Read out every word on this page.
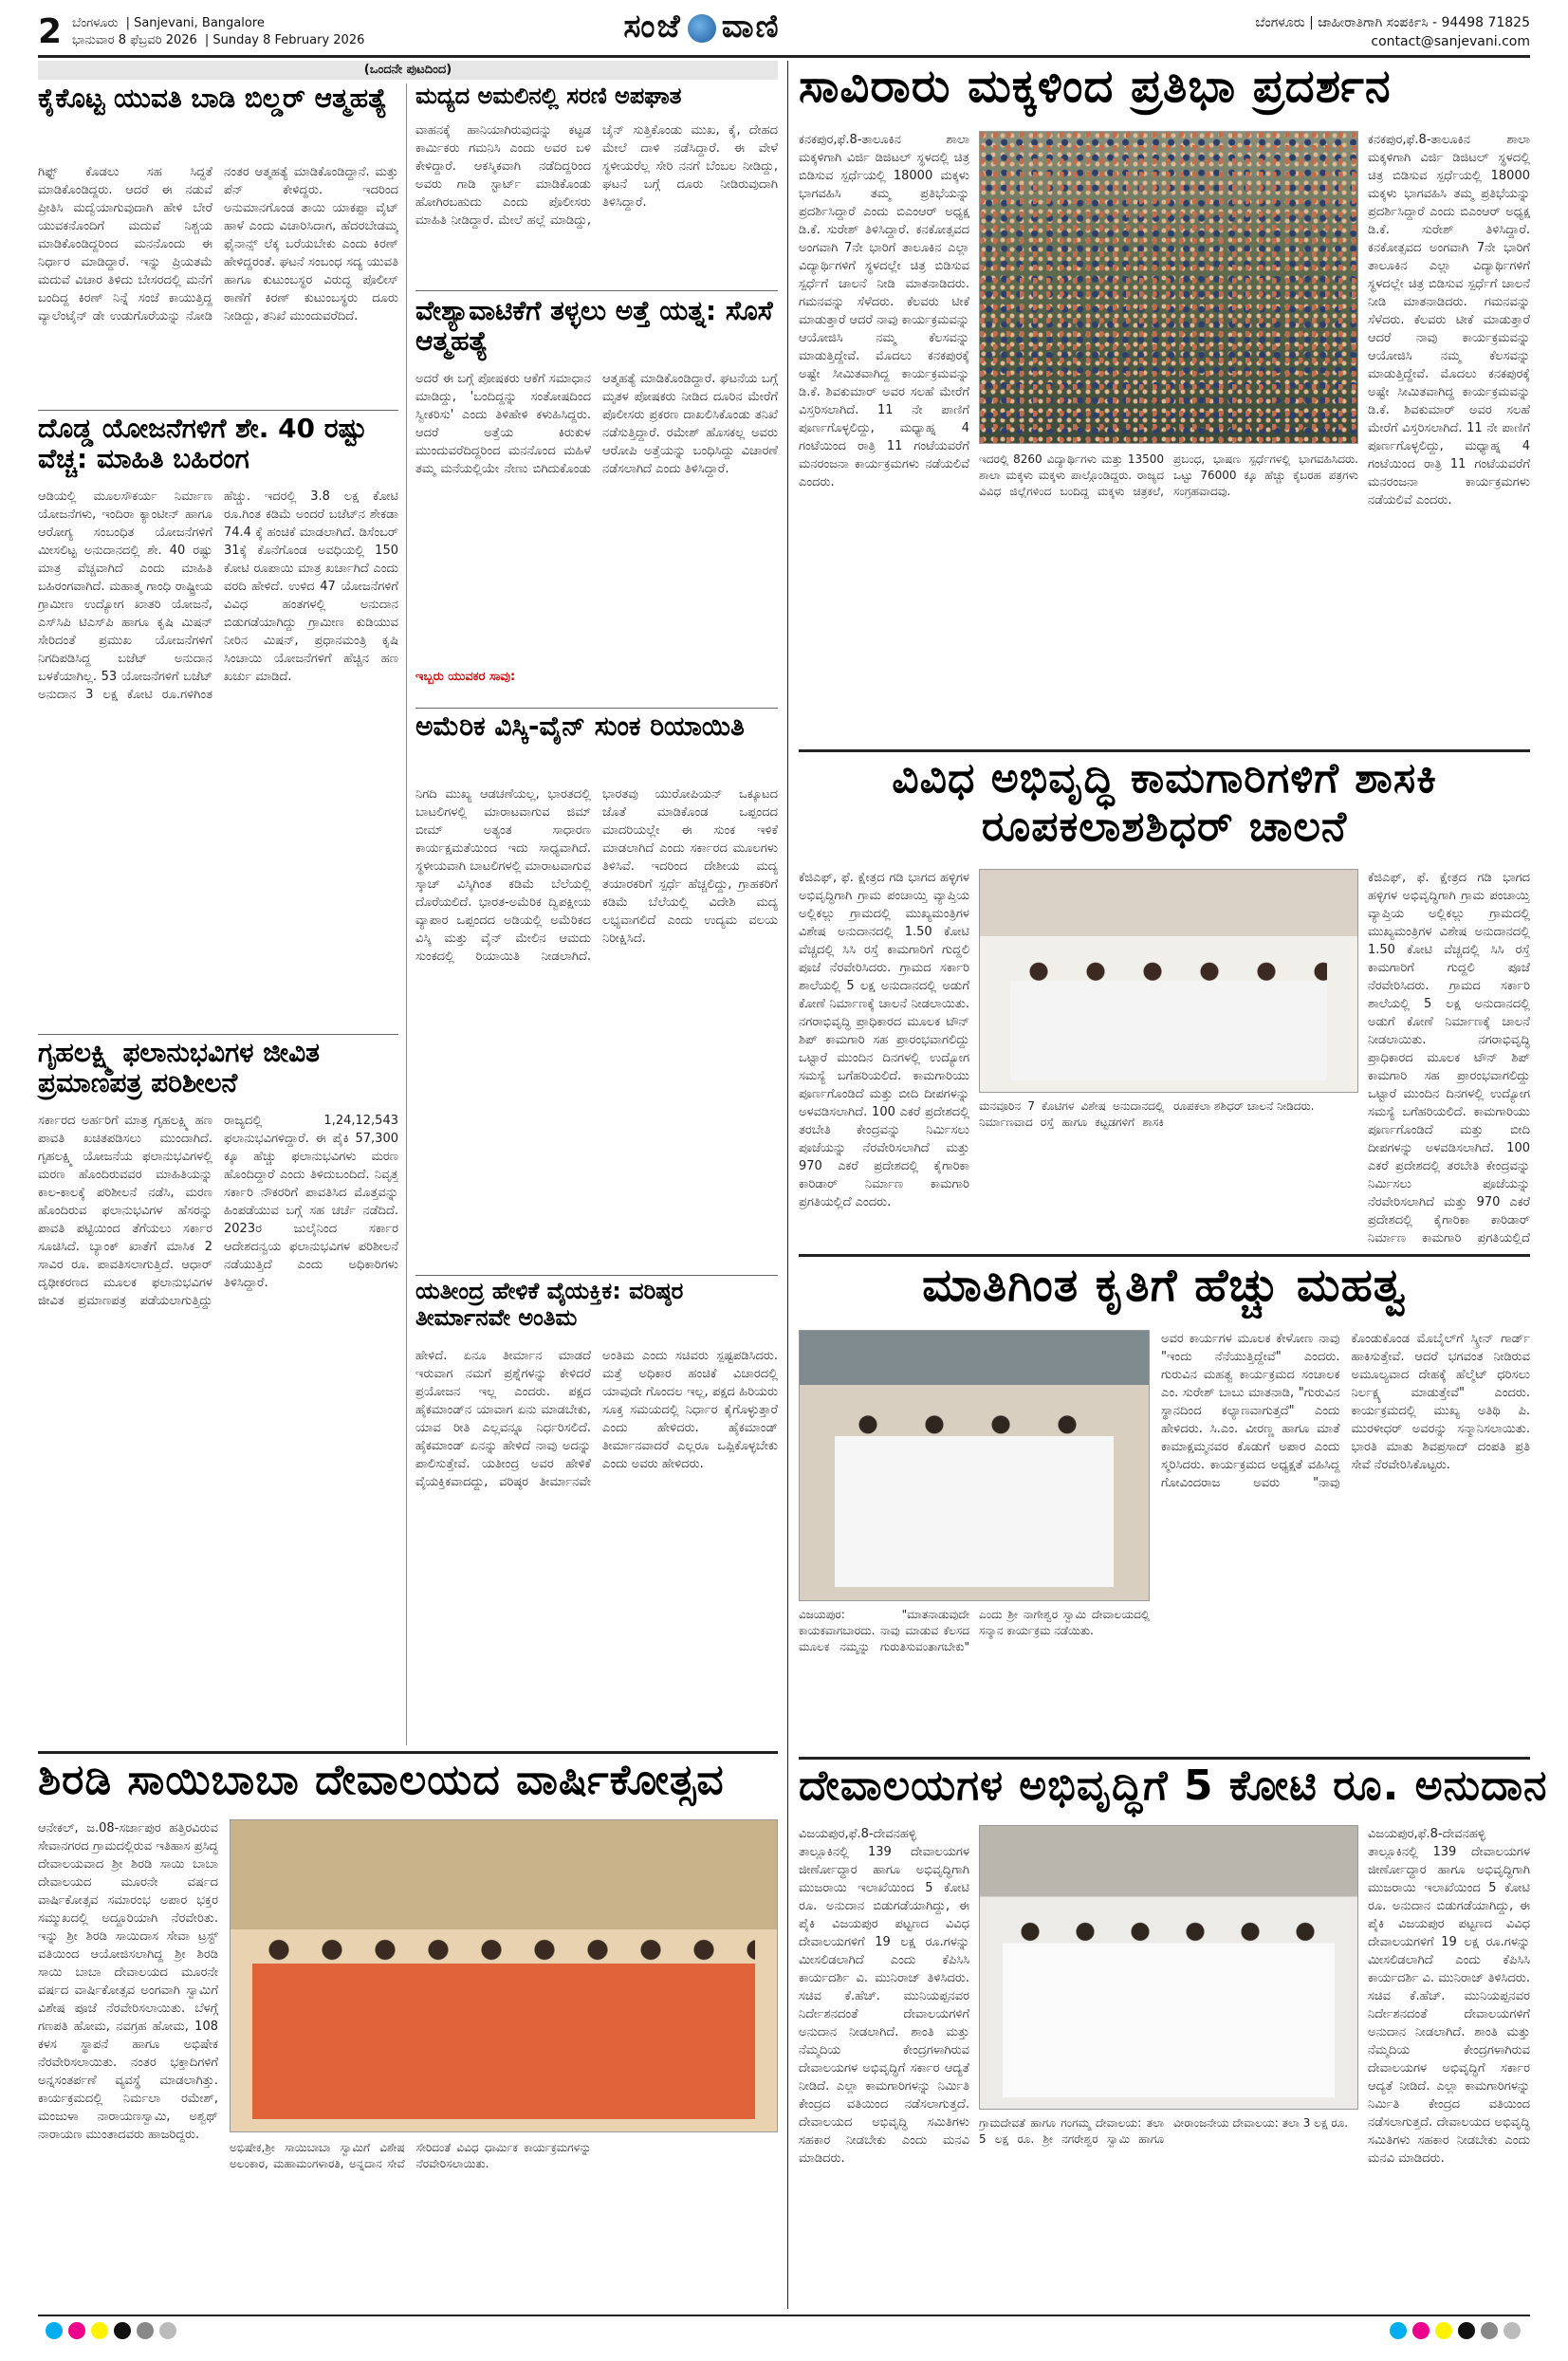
2 ಬೆಂಗಳೂರು | Sanjevani, Bangalore
ಭಾನುವಾರ 8 ಫೆಬ್ರವರಿ 2026 | Sunday 8 February 2026	ಸಂಜೆ ವಾಣಿ	ಬೆಂಗಳೂರು | ಜಾಹೀರಾತಿಗಾಗಿ ಸಂಪರ್ಕಿಸಿ - 94498 71825
contact@sanjevani.com
(ಒಂದನೇ ಪುಟದಿಂದ)
ಕೈಕೊಟ್ಟ ಯುವತಿ ಬಾಡಿ ಬಿಲ್ಡರ್ ಆತ್ಮಹತ್ಯೆ
ಗಿಫ್ಟ್ ಕೊಡಲು ಸಹ ಸಿದ್ಧತೆ ಮಾಡಿಕೊಂಡಿದ್ದರು. ಆದರೆ ಈ ನಡುವೆ ಪ್ರೀತಿಸಿ ಮದ್ವೆಯಾಗುವುದಾಗಿ ಹೇಳಿ ಬೇರೆ ಯುವಕನೊಂದಿಗೆ ಮದುವೆ ನಿಶ್ಚಯ ಮಾಡಿಕೊಂಡಿದ್ದರಿಂದ ಮನನೊಂದು ಈ ನಿರ್ಧಾರ ಮಾಡಿದ್ದಾರೆ. ಇನ್ನು ಪ್ರಿಯತಮೆ ಮದುವೆ ವಿಚಾರ ತಿಳಿದು ಬೇಸರದಲ್ಲಿ ಮನೆಗೆ ಬಂದಿದ್ದ ಕಿರಣ್ ನಿನ್ನೆ ಸಂಜೆ ಕಾಯುತ್ತಿದ್ದ ವ್ಯಾಲೆಂಟೈನ್ ಡೇ ಉಡುಗೊರೆಯನ್ನು ನೋಡಿ ನಂತರ ಆತ್ಮಹತ್ಯೆ ಮಾಡಿಕೊಂಡಿದ್ದಾನೆ. ಮತ್ತು ಪೆನ್ ಕೇಳಿದ್ದರು. ಇದರಿಂದ ಅನುಮಾನಗೊಂಡ ತಾಯಿ ಯಾಕಪ್ಪಾ ವೈಟ್ ಹಾಳೆ ಎಂದು ವಿಚಾರಿಸಿದಾಗ, ಹೆದರಬೇಡಮ್ಮ ಫೈನಾನ್ಸ್ ಲೆಕ್ಕ ಬರೆಯಬೇಕು ಎಂದು ಕಿರಣ್ ಹೇಳಿದ್ದರಂತೆ. ಘಟನೆ ಸಂಬಂಧ ಸದ್ಯ ಯುವತಿ ಹಾಗೂ ಕುಟುಂಬಸ್ಥರ ವಿರುದ್ಧ ಪೊಲೀಸ್ ಠಾಣೆಗೆ ಕಿರಣ್ ಕುಟುಂಬಸ್ಥರು ದೂರು ನೀಡಿದ್ದು, ತನಿಖೆ ಮುಂದುವರೆದಿದೆ.
ಮದ್ಯದ ಅಮಲಿನಲ್ಲಿ ಸರಣಿ ಅಪಘಾತ
ವಾಹನಕ್ಕೆ ಹಾನಿಯಾಗಿರುವುದನ್ನು ಕಟ್ಟಡ ಕಾರ್ಮಿಕರು ಗಮನಿಸಿ ಎಂದು ಅವರ ಬಳಿ ಕೇಳಿದ್ದಾರೆ. ಆಕಸ್ಮಿಕವಾಗಿ ನಡೆದಿದ್ದರಿಂದ ಅವರು ಗಾಡಿ ಸ್ಟಾರ್ಟ್ ಮಾಡಿಕೊಂಡು ಹೋಗಿರಬಹುದು ಎಂದು ಪೊಲೀಸರು ಮಾಹಿತಿ ನೀಡಿದ್ದಾರೆ. ಮೇಲೆ ಹಲ್ಲೆ ಮಾಡಿದ್ದು, ಚೈನ್ ಸುತ್ತಿಕೊಂಡು ಮುಖ, ಕೈ, ದೇಹದ ಮೇಲೆ ದಾಳಿ ನಡೆಸಿದ್ದಾರೆ. ಈ ವೇಳೆ ಸ್ಥಳೀಯರೆಲ್ಲ ಸೇರಿ ನನಗೆ ಬೆಂಬಲ ನೀಡಿದ್ದು, ಘಟನೆ ಬಗ್ಗೆ ದೂರು ನೀಡಿರುವುದಾಗಿ ತಿಳಿಸಿದ್ದಾರೆ.
ದೊಡ್ಡ ಯೋಜನೆಗಳಿಗೆ ಶೇ. 40 ರಷ್ಟು ವೆಚ್ಚ: ಮಾಹಿತಿ ಬಹಿರಂಗ
ಆಡಿಯಲ್ಲಿ ಮೂಲಸೌಕರ್ಯ ನಿರ್ಮಾಣ ಯೋಜನೆಗಳು, ಇಂದಿರಾ ಕ್ಯಾಂಟೀನ್ ಹಾಗೂ ಆರೋಗ್ಯ ಸಂಬಂಧಿತ ಯೋಜನೆಗಳಿಗೆ ಮೀಸಲಿಟ್ಟ ಅನುದಾನದಲ್ಲಿ ಶೇ. 40 ರಷ್ಟು ಮಾತ್ರ ವೆಚ್ಚವಾಗಿದೆ ಎಂದು ಮಾಹಿತಿ ಬಹಿರಂಗವಾಗಿದೆ. ಮಹಾತ್ಮ ಗಾಂಧಿ ರಾಷ್ಟ್ರೀಯ ಗ್ರಾಮೀಣ ಉದ್ಯೋಗ ಖಾತರಿ ಯೋಜನೆ, ಎಸ್‌ಸಿಪಿ ಟಿಎಸ್‌ಪಿ ಹಾಗೂ ಕೃಷಿ ಮಿಷನ್ ಸೇರಿದಂತೆ ಪ್ರಮುಖ ಯೋಜನೆಗಳಿಗೆ ನಿಗದಿಪಡಿಸಿದ್ದ ಬಜೆಟ್ ಅನುದಾನ ಬಳಕೆಯಾಗಿಲ್ಲ. 53 ಯೋಜನೆಗಳಿಗೆ ಬಜೆಟ್ ಅನುದಾನ 3 ಲಕ್ಷ ಕೋಟಿ ರೂ.ಗಳಿಗಿಂತ ಹೆಚ್ಚು. ಇದರಲ್ಲಿ 3.8 ಲಕ್ಷ ಕೋಟಿ ರೂ.ಗಿಂತ ಕಡಿಮೆ ಅಂದರೆ ಬಜೆಟ್‌ನ ಶೇಕಡಾ 74.4 ಕ್ಕೆ ಹಂಚಿಕೆ ಮಾಡಲಾಗಿದೆ. ಡಿಸೆಂಬರ್ 31ಕ್ಕೆ ಕೊನೆಗೊಂಡ ಅವಧಿಯಲ್ಲಿ 150 ಕೋಟಿ ರೂಪಾಯಿ ಮಾತ್ರ ಖರ್ಚಾಗಿದೆ ಎಂದು ವರದಿ ಹೇಳಿದೆ. ಉಳಿದ 47 ಯೋಜನೆಗಳಿಗೆ ವಿವಿಧ ಹಂತಗಳಲ್ಲಿ ಅನುದಾನ ಬಿಡುಗಡೆಯಾಗಿದ್ದು ಗ್ರಾಮೀಣ ಕುಡಿಯುವ ನೀರಿನ ಮಿಷನ್, ಪ್ರಧಾನಮಂತ್ರಿ ಕೃಷಿ ಸಿಂಚಾಯಿ ಯೋಜನೆಗಳಿಗೆ ಹೆಚ್ಚಿನ ಹಣ ಖರ್ಚು ಮಾಡಿದೆ.
ವೇಶ್ಯಾವಾಟಿಕೆಗೆ ತಳ್ಳಲು ಅತ್ತೆ ಯತ್ನ: ಸೊಸೆ ಆತ್ಮಹತ್ಯೆ
ಅದರೆ ಈ ಬಗ್ಗೆ ಪೋಷಕರು ಆಕೆಗೆ ಸಮಾಧಾನ ಮಾಡಿದ್ದು, 'ಬಂದಿದ್ದನ್ನು ಸಂತೋಷದಿಂದ ಸ್ವೀಕರಿಸು' ಎಂದು ತಿಳಿಹೇಳಿ ಕಳುಹಿಸಿದ್ದರು. ಆದರೆ ಅತ್ತೆಯ ಕಿರುಕುಳ ಮುಂದುವರೆದಿದ್ದರಿಂದ ಮನನೊಂದ ಮಹಿಳೆ ತಮ್ಮ ಮನೆಯಲ್ಲಿಯೇ ನೇಣು ಬಿಗಿದುಕೊಂಡು ಆತ್ಮಹತ್ಯೆ ಮಾಡಿಕೊಂಡಿದ್ದಾರೆ. ಘಟನೆಯ ಬಗ್ಗೆ ಮೃತಳ ಪೋಷಕರು ನೀಡಿದ ದೂರಿನ ಮೇರೆಗೆ ಪೊಲೀಸರು ಪ್ರಕರಣ ದಾಖಲಿಸಿಕೊಂಡು ತನಿಖೆ ನಡೆಸುತ್ತಿದ್ದಾರೆ. ರಮೇಶ್ ಹೊಸಕಲ್ಲ ಅವರು ಆರೋಪಿ ಅತ್ತೆಯನ್ನು ಬಂಧಿಸಿದ್ದು ವಿಚಾರಣೆ ನಡೆಸಲಾಗಿದೆ ಎಂದು ತಿಳಿಸಿದ್ದಾರೆ.
ಇಬ್ಬರು ಯುವಕರ ಸಾವು:
ಅಮೆರಿಕ ವಿಸ್ಕಿ-ವೈನ್ ಸುಂಕ ರಿಯಾಯಿತಿ
ನಿಗದಿ ಮುಖ್ಯ ಆಡಚಣೆಯಲ್ಲ, ಭಾರತದಲ್ಲಿ ಬಾಟಲಿಗಳಲ್ಲಿ ಮಾರಾಟವಾಗುವ ಜಿಮ್ ಬೀಮ್ ಅತ್ಯಂತ ಸಾಧಾರಣ ಕಾರ್ಯಕ್ಷಮತೆಯಿಂದ ಇದು ಸಾಧ್ಯವಾಗಿದೆ. ಸ್ಥಳೀಯವಾಗಿ ಬಾಟಲಿಗಳಲ್ಲಿ ಮಾರಾಟವಾಗುವ ಸ್ಕಾಚ್ ವಿಸ್ಕಿಗಿಂತ ಕಡಿಮೆ ಬೆಲೆಯಲ್ಲಿ ದೊರೆಯಲಿದೆ. ಭಾರತ-ಅಮೆರಿಕ ದ್ವಿಪಕ್ಷೀಯ ವ್ಯಾಪಾರ ಒಪ್ಪಂದದ ಅಡಿಯಲ್ಲಿ ಅಮೆರಿಕದ ವಿಸ್ಕಿ ಮತ್ತು ವೈನ್ ಮೇಲಿನ ಆಮದು ಸುಂಕದಲ್ಲಿ ರಿಯಾಯಿತಿ ನೀಡಲಾಗಿದೆ. ಭಾರತವು ಯುರೋಪಿಯನ್ ಒಕ್ಕೂಟದ ಜೊತೆ ಮಾಡಿಕೊಂಡ ಒಪ್ಪಂದದ ಮಾದರಿಯಲ್ಲೇ ಈ ಸುಂಕ ಇಳಿಕೆ ಮಾಡಲಾಗಿದೆ ಎಂದು ಸರ್ಕಾರದ ಮೂಲಗಳು ತಿಳಿಸಿವೆ. ಇದರಿಂದ ದೇಶೀಯ ಮದ್ಯ ತಯಾರಕರಿಗೆ ಸ್ಪರ್ಧೆ ಹೆಚ್ಚಲಿದ್ದು, ಗ್ರಾಹಕರಿಗೆ ಕಡಿಮೆ ಬೆಲೆಯಲ್ಲಿ ವಿದೇಶಿ ಮದ್ಯ ಲಭ್ಯವಾಗಲಿದೆ ಎಂದು ಉದ್ಯಮ ವಲಯ ನಿರೀಕ್ಷಿಸಿದೆ.
ಗೃಹಲಕ್ಷ್ಮಿ ಫಲಾನುಭವಿಗಳ ಜೀವಿತ ಪ್ರಮಾಣಪತ್ರ ಪರಿಶೀಲನೆ
ಸರ್ಕಾರದ ಅರ್ಹರಿಗೆ ಮಾತ್ರ ಗೃಹಲಕ್ಷ್ಮಿ ಹಣ ಪಾವತಿ ಖಚಿತಪಡಿಸಲು ಮುಂದಾಗಿದೆ. ಗೃಹಲಕ್ಷ್ಮಿ ಯೋಜನೆಯ ಫಲಾನುಭವಿಗಳಲ್ಲಿ ಮರಣ ಹೊಂದಿರುವವರ ಮಾಹಿತಿಯನ್ನು ಕಾಲ-ಕಾಲಕ್ಕೆ ಪರಿಶೀಲನೆ ನಡೆಸಿ, ಮರಣ ಹೊಂದಿರುವ ಫಲಾನುಭವಿಗಳ ಹೆಸರನ್ನು ಪಾವತಿ ಪಟ್ಟಿಯಿಂದ ತೆಗೆಯಲು ಸರ್ಕಾರ ಸೂಚಿಸಿದೆ. ಬ್ಯಾಂಕ್ ಖಾತೆಗೆ ಮಾಸಿಕ 2 ಸಾವಿರ ರೂ. ಪಾವತಿಸಲಾಗುತ್ತಿದೆ. ಆಧಾರ್ ದೃಢೀಕರಣದ ಮೂಲಕ ಫಲಾನುಭವಿಗಳ ಜೀವಿತ ಪ್ರಮಾಣಪತ್ರ ಪಡೆಯಲಾಗುತ್ತಿದ್ದು ರಾಜ್ಯದಲ್ಲಿ 1,24,12,543 ಫಲಾನುಭವಿಗಳಿದ್ದಾರೆ. ಈ ಪೈಕಿ 57,300 ಕ್ಕೂ ಹೆಚ್ಚು ಫಲಾನುಭವಿಗಳು ಮರಣ ಹೊಂದಿದ್ದಾರೆ ಎಂದು ತಿಳಿದುಬಂದಿದೆ. ನಿವೃತ್ತ ಸರ್ಕಾರಿ ನೌಕರರಿಗೆ ಪಾವತಿಸಿದ ಮೊತ್ತವನ್ನು ಹಿಂಪಡೆಯುವ ಬಗ್ಗೆ ಸಹ ಚರ್ಚೆ ನಡೆದಿದೆ. 2023ರ ಜುಲೈನಿಂದ ಸರ್ಕಾರ ಆದೇಶದನ್ವಯ ಫಲಾನುಭವಿಗಳ ಪರಿಶೀಲನೆ ನಡೆಯುತ್ತಿದೆ ಎಂದು ಅಧಿಕಾರಿಗಳು ತಿಳಿಸಿದ್ದಾರೆ.	ಯತೀಂದ್ರ ಹೇಳಿಕೆ ವೈಯಕ್ತಿಕ: ವರಿಷ್ಠರ ತೀರ್ಮಾನವೇ ಅಂತಿಮ
ಹೇಳಿದೆ. ಏನೂ ತೀರ್ಮಾನ ಮಾಡದೆ ಇರುವಾಗ ನಮಗೆ ಪ್ರಶ್ನೆಗಳನ್ನು ಕೇಳಿದರೆ ಪ್ರಯೋಜನ ಇಲ್ಲ ಎಂದರು. ಪಕ್ಷದ ಹೈಕಮಾಂಡ್‌ನ ಯಾವಾಗ ಏನು ಮಾಡಬೇಕು, ಯಾವ ರೀತಿ ಎಲ್ಲವನ್ನೂ ನಿರ್ಧರಿಸಲಿದೆ. ಹೈಕಮಾಂಡ್ ಏನನ್ನು ಹೇಳಿದೆ ನಾವು ಅದನ್ನು ಪಾಲಿಸುತ್ತೇವೆ. ಯತೀಂದ್ರ ಅವರ ಹೇಳಿಕೆ ವೈಯಕ್ತಿಕವಾದದ್ದು, ವರಿಷ್ಠರ ತೀರ್ಮಾನವೇ ಅಂತಿಮ ಎಂದು ಸಚಿವರು ಸ್ಪಷ್ಟಪಡಿಸಿದರು. ಮತ್ತೆ ಅಧಿಕಾರ ಹಂಚಿಕೆ ವಿಚಾರದಲ್ಲಿ ಯಾವುದೇ ಗೊಂದಲ ಇಲ್ಲ, ಪಕ್ಷದ ಹಿರಿಯರು ಸೂಕ್ತ ಸಮಯದಲ್ಲಿ ನಿರ್ಧಾರ ಕೈಗೊಳ್ಳುತ್ತಾರೆ ಎಂದು ಹೇಳಿದರು. ಹೈಕಮಾಂಡ್ ತೀರ್ಮಾನವಾದರೆ ಎಲ್ಲರೂ ಒಪ್ಪಿಕೊಳ್ಳಬೇಕು ಎಂದು ಅವರು ಹೇಳಿದರು.
ಶಿರಡಿ ಸಾಯಿಬಾಬಾ ದೇವಾಲಯದ ವಾರ್ಷಿಕೋತ್ಸವ
ಆನೇಕಲ್, ಜ.08-ಸರ್ಜಾಪುರ ಹತ್ತಿರವಿರುವ ಸೇವಾನಗರದ ಗ್ರಾಮದಲ್ಲಿರುವ ಇತಿಹಾಸ ಪ್ರಸಿದ್ಧ ದೇವಾಲಯವಾದ ಶ್ರೀ ಶಿರಡಿ ಸಾಯಿ ಬಾಬಾ ದೇವಾಲಯದ ಮೂರನೇ ವರ್ಷದ ವಾರ್ಷಿಕೋತ್ಸವ ಸಮಾರಂಭ ಅಪಾರ ಭಕ್ತರ ಸಮ್ಮುಖದಲ್ಲಿ ಅದ್ದೂರಿಯಾಗಿ ನೆರವೇರಿತು. ಇನ್ನು ಶ್ರೀ ಶಿರಡಿ ಸಾಯಿದಾಸ ಸೇವಾ ಟ್ರಸ್ಟ್ ವತಿಯಿಂದ ಆಯೋಜಿಸಲಾಗಿದ್ದ ಶ್ರೀ ಶಿರಡಿ ಸಾಯಿ ಬಾಬಾ ದೇವಾಲಯದ ಮೂರನೇ ವರ್ಷದ ವಾರ್ಷಿಕೋತ್ಸವ ಅಂಗವಾಗಿ ಸ್ವಾಮಿಗೆ ವಿಶೇಷ ಪೂಜೆ ನೆರವೇರಿಸಲಾಯಿತು. ಬೆಳಗ್ಗೆ ಗಣಪತಿ ಹೋಮ, ನವಗ್ರಹ ಹೋಮ, 108 ಕಳಸ ಸ್ಥಾಪನೆ ಹಾಗೂ ಅಭಿಷೇಕ ನೆರವೇರಿಸಲಾಯಿತು. ನಂತರ ಭಕ್ತಾದಿಗಳಿಗೆ ಅನ್ನಸಂತರ್ಪಣೆ ವ್ಯವಸ್ಥೆ ಮಾಡಲಾಗಿತ್ತು. ಕಾರ್ಯಕ್ರಮದಲ್ಲಿ ನಿರ್ಮಲಾ ರಮೇಶ್, ಮಂಜುಳಾ ನಾರಾಯಣಸ್ವಾಮಿ, ಅಶ್ವಥ್ ನಾರಾಯಣ ಮುಂತಾದವರು ಹಾಜರಿದ್ದರು.
ಅಭಿಷೇಕ,ಶ್ರೀ ಸಾಯಿಬಾಬಾ ಸ್ವಾಮಿಗೆ ವಿಶೇಷ ಅಲಂಕಾರ, ಮಹಾಮಂಗಳಾರತಿ, ಅನ್ನದಾನ ಸೇವೆ ಸೇರಿದಂತೆ ವಿವಿಧ ಧಾರ್ಮಿಕ ಕಾರ್ಯಕ್ರಮಗಳನ್ನು ನೆರವೇರಿಸಲಾಯಿತು.
ಸಾವಿರಾರು ಮಕ್ಕಳಿಂದ ಪ್ರತಿಭಾ ಪ್ರದರ್ಶನ
ಕನಕಪುರ,ಫೆ.8-ತಾಲೂಕಿನ ಶಾಲಾ ಮಕ್ಕಳಿಗಾಗಿ ವಿರ್ಜಿ ಡಿಜಿಟಲ್ ಸ್ಥಳದಲ್ಲಿ ಚಿತ್ರ ಬಿಡಿಸುವ ಸ್ಪರ್ಧೆಯಲ್ಲಿ 18000 ಮಕ್ಕಳು ಭಾಗವಹಿಸಿ ತಮ್ಮ ಪ್ರತಿಭೆಯನ್ನು ಪ್ರದರ್ಶಿಸಿದ್ದಾರೆ ಎಂದು ಬಿಎಂಆರ್ ಅಧ್ಯಕ್ಷ ಡಿ.ಕೆ. ಸುರೇಶ್ ತಿಳಿಸಿದ್ದಾರೆ. ಕನಕೋತ್ಸವದ ಅಂಗವಾಗಿ 7ನೇ ಭಾರಿಗೆ ತಾಲೂಕಿನ ಎಲ್ಲಾ ವಿದ್ಯಾರ್ಥಿಗಳಿಗೆ ಸ್ಥಳದಲ್ಲೇ ಚಿತ್ರ ಬಿಡಿಸುವ ಸ್ಪರ್ಧೆಗೆ ಚಾಲನೆ ನೀಡಿ ಮಾತನಾಡಿದರು. ಗಮನವನ್ನು ಸೆಳೆದರು. ಕೆಲವರು ಟೀಕೆ ಮಾಡುತ್ತಾರೆ ಆದರೆ ನಾವು ಕಾರ್ಯಕ್ರಮವನ್ನು ಆಯೋಜಿಸಿ ನಮ್ಮ ಕೆಲಸವನ್ನು ಮಾಡುತ್ತಿದ್ದೇವೆ. ಮೊದಲು ಕನಕಪುರಕ್ಕೆ ಅಷ್ಟೇ ಸೀಮಿತವಾಗಿದ್ದ ಕಾರ್ಯಕ್ರಮವನ್ನು ಡಿ.ಕೆ. ಶಿವಕುಮಾರ್ ಅವರ ಸಲಹೆ ಮೇರೆಗೆ ವಿಸ್ತರಿಸಲಾಗಿದೆ. 11 ನೇ ಪಾಣಿಗೆ ಪೂರ್ಣಗೊಳ್ಳಲಿದ್ದು, ಮಧ್ಯಾಹ್ನ 4 ಗಂಟೆಯಿಂದ ರಾತ್ರಿ 11 ಗಂಟೆಯವರೆಗೆ ಮನರಂಜನಾ ಕಾರ್ಯಕ್ರಮಗಳು ನಡೆಯಲಿವೆ ಎಂದರು.
ಇದರಲ್ಲಿ 8260 ವಿದ್ಯಾರ್ಥಿಗಳು ಮತ್ತು 13500 ಶಾಲಾ ಮಕ್ಕಳು ಮಕ್ಕಳು ಪಾಲ್ಗೊಂಡಿದ್ದರು. ರಾಜ್ಯದ ವಿವಿಧ ಜಿಲ್ಲೆಗಳಿಂದ ಬಂದಿದ್ದ ಮಕ್ಕಳು ಚಿತ್ರಕಲೆ, ಪ್ರಬಂಧ, ಭಾಷಣ ಸ್ಪರ್ಧೆಗಳಲ್ಲಿ ಭಾಗವಹಿಸಿದರು. ಒಟ್ಟು 76000 ಕ್ಕೂ ಹೆಚ್ಚು ಕೈಬರಹ ಪತ್ರಗಳು ಸಂಗ್ರಹವಾದವು.
ಕನಕಪುರ,ಫೆ.8-ತಾಲೂಕಿನ ಶಾಲಾ ಮಕ್ಕಳಿಗಾಗಿ ವಿರ್ಜಿ ಡಿಜಿಟಲ್ ಸ್ಥಳದಲ್ಲಿ ಚಿತ್ರ ಬಿಡಿಸುವ ಸ್ಪರ್ಧೆಯಲ್ಲಿ 18000 ಮಕ್ಕಳು ಭಾಗವಹಿಸಿ ತಮ್ಮ ಪ್ರತಿಭೆಯನ್ನು ಪ್ರದರ್ಶಿಸಿದ್ದಾರೆ ಎಂದು ಬಿಎಂಆರ್ ಅಧ್ಯಕ್ಷ ಡಿ.ಕೆ. ಸುರೇಶ್ ತಿಳಿಸಿದ್ದಾರೆ. ಕನಕೋತ್ಸವದ ಅಂಗವಾಗಿ 7ನೇ ಭಾರಿಗೆ ತಾಲೂಕಿನ ಎಲ್ಲಾ ವಿದ್ಯಾರ್ಥಿಗಳಿಗೆ ಸ್ಥಳದಲ್ಲೇ ಚಿತ್ರ ಬಿಡಿಸುವ ಸ್ಪರ್ಧೆಗೆ ಚಾಲನೆ ನೀಡಿ ಮಾತನಾಡಿದರು. ಗಮನವನ್ನು ಸೆಳೆದರು. ಕೆಲವರು ಟೀಕೆ ಮಾಡುತ್ತಾರೆ ಆದರೆ ನಾವು ಕಾರ್ಯಕ್ರಮವನ್ನು ಆಯೋಜಿಸಿ ನಮ್ಮ ಕೆಲಸವನ್ನು ಮಾಡುತ್ತಿದ್ದೇವೆ. ಮೊದಲು ಕನಕಪುರಕ್ಕೆ ಅಷ್ಟೇ ಸೀಮಿತವಾಗಿದ್ದ ಕಾರ್ಯಕ್ರಮವನ್ನು ಡಿ.ಕೆ. ಶಿವಕುಮಾರ್ ಅವರ ಸಲಹೆ ಮೇರೆಗೆ ವಿಸ್ತರಿಸಲಾಗಿದೆ. 11 ನೇ ಪಾಣಿಗೆ ಪೂರ್ಣಗೊಳ್ಳಲಿದ್ದು, ಮಧ್ಯಾಹ್ನ 4 ಗಂಟೆಯಿಂದ ರಾತ್ರಿ 11 ಗಂಟೆಯವರೆಗೆ ಮನರಂಜನಾ ಕಾರ್ಯಕ್ರಮಗಳು ನಡೆಯಲಿವೆ ಎಂದರು.
ವಿವಿಧ ಅಭಿವೃದ್ಧಿ ಕಾಮಗಾರಿಗಳಿಗೆ ಶಾಸಕಿ ರೂಪಕಲಾಶಶಿಧರ್ ಚಾಲನೆ
ಕೆಜಿಎಫ್, ಫೆ. ಕ್ಷೇತ್ರದ ಗಡಿ ಭಾಗದ ಹಳ್ಳಿಗಳ ಅಭಿವೃದ್ಧಿಗಾಗಿ ಗ್ರಾಮ ಪಂಚಾಯ್ತಿ ವ್ಯಾಪ್ತಿಯ ಅಲ್ಲಿಕಲ್ಲು ಗ್ರಾಮದಲ್ಲಿ ಮುಖ್ಯಮಂತ್ರಿಗಳ ವಿಶೇಷ ಅನುದಾನದಲ್ಲಿ 1.50 ಕೋಟಿ ವೆಚ್ಚದಲ್ಲಿ ಸಿಸಿ ರಸ್ತೆ ಕಾಮಗಾರಿಗೆ ಗುದ್ದಲಿ ಪೂಜೆ ನೆರವೇರಿಸಿದರು. ಗ್ರಾಮದ ಸರ್ಕಾರಿ ಶಾಲೆಯಲ್ಲಿ 5 ಲಕ್ಷ ಅನುದಾನದಲ್ಲಿ ಅಡುಗೆ ಕೋಣೆ ನಿರ್ಮಾಣಕ್ಕೆ ಚಾಲನೆ ನೀಡಲಾಯಿತು. ನಗರಾಭಿವೃದ್ಧಿ ಪ್ರಾಧಿಕಾರದ ಮೂಲಕ ಟೌನ್ ಶಿಪ್ ಕಾಮಗಾರಿ ಸಹ ಪ್ರಾರಂಭವಾಗಲಿದ್ದು ಒಟ್ಟಾರೆ ಮುಂದಿನ ದಿನಗಳಲ್ಲಿ ಉದ್ಯೋಗ ಸಮಸ್ಯೆ ಬಗೆಹರಿಯಲಿದೆ. ಕಾಮಗಾರಿಯು ಪೂರ್ಣಗೊಂಡಿದೆ ಮತ್ತು ಬೀದಿ ದೀಪಗಳನ್ನು ಅಳವಡಿಸಲಾಗಿದೆ. 100 ಎಕರೆ ಪ್ರದೇಶದಲ್ಲಿ ತರಬೇತಿ ಕೇಂದ್ರವನ್ನು ನಿರ್ಮಿಸಲು ಪೂಜೆಯನ್ನು ನೆರವೇರಿಸಲಾಗಿದೆ ಮತ್ತು 970 ಎಕರೆ ಪ್ರದೇಶದಲ್ಲಿ ಕೈಗಾರಿಕಾ ಕಾರಿಡಾರ್ ನಿರ್ಮಾಣ ಕಾಮಗಾರಿ ಪ್ರಗತಿಯಲ್ಲಿದೆ ಎಂದರು.
ಮನವೂರಿನ 7 ಕೊಟಿಗಳ ವಿಶೇಷ ಅನುದಾನದಲ್ಲಿ ನಿರ್ಮಾಣವಾದ ರಸ್ತೆ ಹಾಗೂ ಕಟ್ಟಡಗಳಿಗೆ ಶಾಸಕಿ ರೂಪಕಲಾ ಶಶಿಧರ್ ಚಾಲನೆ ನೀಡಿದರು.
ಕೆಜಿಎಫ್, ಫೆ. ಕ್ಷೇತ್ರದ ಗಡಿ ಭಾಗದ ಹಳ್ಳಿಗಳ ಅಭಿವೃದ್ಧಿಗಾಗಿ ಗ್ರಾಮ ಪಂಚಾಯ್ತಿ ವ್ಯಾಪ್ತಿಯ ಅಲ್ಲಿಕಲ್ಲು ಗ್ರಾಮದಲ್ಲಿ ಮುಖ್ಯಮಂತ್ರಿಗಳ ವಿಶೇಷ ಅನುದಾನದಲ್ಲಿ 1.50 ಕೋಟಿ ವೆಚ್ಚದಲ್ಲಿ ಸಿಸಿ ರಸ್ತೆ ಕಾಮಗಾರಿಗೆ ಗುದ್ದಲಿ ಪೂಜೆ ನೆರವೇರಿಸಿದರು. ಗ್ರಾಮದ ಸರ್ಕಾರಿ ಶಾಲೆಯಲ್ಲಿ 5 ಲಕ್ಷ ಅನುದಾನದಲ್ಲಿ ಅಡುಗೆ ಕೋಣೆ ನಿರ್ಮಾಣಕ್ಕೆ ಚಾಲನೆ ನೀಡಲಾಯಿತು. ನಗರಾಭಿವೃದ್ಧಿ ಪ್ರಾಧಿಕಾರದ ಮೂಲಕ ಟೌನ್ ಶಿಪ್ ಕಾಮಗಾರಿ ಸಹ ಪ್ರಾರಂಭವಾಗಲಿದ್ದು ಒಟ್ಟಾರೆ ಮುಂದಿನ ದಿನಗಳಲ್ಲಿ ಉದ್ಯೋಗ ಸಮಸ್ಯೆ ಬಗೆಹರಿಯಲಿದೆ. ಕಾಮಗಾರಿಯು ಪೂರ್ಣಗೊಂಡಿದೆ ಮತ್ತು ಬೀದಿ ದೀಪಗಳನ್ನು ಅಳವಡಿಸಲಾಗಿದೆ. 100 ಎಕರೆ ಪ್ರದೇಶದಲ್ಲಿ ತರಬೇತಿ ಕೇಂದ್ರವನ್ನು ನಿರ್ಮಿಸಲು ಪೂಜೆಯನ್ನು ನೆರವೇರಿಸಲಾಗಿದೆ ಮತ್ತು 970 ಎಕರೆ ಪ್ರದೇಶದಲ್ಲಿ ಕೈಗಾರಿಕಾ ಕಾರಿಡಾರ್ ನಿರ್ಮಾಣ ಕಾಮಗಾರಿ ಪ್ರಗತಿಯಲ್ಲಿದೆ
ಮಾತಿಗಿಂತ ಕೃತಿಗೆ ಹೆಚ್ಚು ಮಹತ್ವ
ವಿಜಯಪುರ: "ಮಾತನಾಡುವುದೇ ಕಾಯಕವಾಗಬಾರದು. ನಾವು ಮಾಡುವ ಕೆಲಸದ ಮೂಲಕ ನಮ್ಮನ್ನು ಗುರುತಿಸುವಂತಾಗಬೇಕು" ಎಂದು ಶ್ರೀ ನಾಗೇಶ್ವರ ಸ್ವಾಮಿ ದೇವಾಲಯದಲ್ಲಿ ಸನ್ಮಾನ ಕಾರ್ಯಕ್ರಮ ನಡೆಯಿತು.
ಅವರ ಕಾರ್ಯಗಳ ಮೂಲಕ ಕೇಳೋಣ ನಾವು "ಇಂದು ನೆನೆಯುತ್ತಿದ್ದೇವೆ" ಎಂದರು. ಗುರುವಿನ ಮಹತ್ವ ಕಾರ್ಯಕ್ರಮದ ಸಂಚಾಲಕ ಎಂ. ಸುರೇಶ್ ಬಾಬು ಮಾತನಾಡಿ, "ಗುರುವಿನ ಸ್ಥಾನದಿಂದ ಕಲ್ಯಾಣವಾಗುತ್ತದೆ" ಎಂದು ಹೇಳಿದರು. ಸಿ.ಎಂ. ವೀರಣ್ಣ ಹಾಗೂ ಮಾತೆ ಕಾಮಾಕ್ಷಮ್ಮನವರ ಕೊಡುಗೆ ಅಪಾರ ಎಂದು ಸ್ಮರಿಸಿದರು. ಕಾರ್ಯಕ್ರಮದ ಅಧ್ಯಕ್ಷತೆ ವಹಿಸಿದ್ದ ಗೋವಿಂದರಾಜ ಅವರು "ನಾವು ಕೊಂಡುಕೊಂಡ ಮೊಬೈಲ್‌ಗೆ ಸ್ಕ್ರೀನ್ ಗಾರ್ಡ್ ಹಾಕಿಸುತ್ತೇವೆ. ಆದರೆ ಭಗವಂತ ನೀಡಿರುವ ಅಮೂಲ್ಯವಾದ ದೇಹಕ್ಕೆ ಹೆಲ್ಮೆಟ್ ಧರಿಸಲು ನಿರ್ಲಕ್ಷ್ಯ ಮಾಡುತ್ತೇವೆ" ಎಂದರು. ಕಾರ್ಯಕ್ರಮದಲ್ಲಿ ಮುಖ್ಯ ಅತಿಥಿ ಪಿ. ಮುರಳೀಧರ್ ಅವರನ್ನು ಸನ್ಮಾನಿಸಲಾಯಿತು. ಭಾರತಿ ಮಾತು ಶಿವಪ್ರಸಾದ್ ದಂಪತಿ ಪ್ರತಿ ಸೇವೆ ನೆರವೇರಿಸಿಕೊಟ್ಟರು.
ದೇವಾಲಯಗಳ ಅಭಿವೃದ್ಧಿಗೆ 5 ಕೋಟಿ ರೂ. ಅನುದಾನ
ವಿಜಯಪುರ,ಫೆ.8-ದೇವನಹಳ್ಳಿ ತಾಲ್ಲೂಕಿನಲ್ಲಿ 139 ದೇವಾಲಯಗಳ ಜೀರ್ಣೋದ್ಧಾರ ಹಾಗೂ ಅಭಿವೃದ್ಧಿಗಾಗಿ ಮುಜರಾಯಿ ಇಲಾಖೆಯಿಂದ 5 ಕೋಟಿ ರೂ. ಅನುದಾನ ಬಿಡುಗಡೆಯಾಗಿದ್ದು, ಈ ಪೈಕಿ ವಿಜಯಪುರ ಪಟ್ಟಣದ ವಿವಿಧ ದೇವಾಲಯಗಳಿಗೆ 19 ಲಕ್ಷ ರೂ.ಗಳನ್ನು ಮೀಸಲಿಡಲಾಗಿದೆ ಎಂದು ಕೆಪಿಸಿಸಿ ಕಾರ್ಯದರ್ಶಿ ವಿ. ಮುನಿರಾಜ್ ತಿಳಿಸಿದರು. ಸಚಿವ ಕೆ.ಹೆಚ್. ಮುನಿಯಪ್ಪನವರ ನಿರ್ದೇಶನದಂತೆ ದೇವಾಲಯಗಳಿಗೆ ಅನುದಾನ ನೀಡಲಾಗಿದೆ. ಶಾಂತಿ ಮತ್ತು ನೆಮ್ಮದಿಯ ಕೇಂದ್ರಗಳಾಗಿರುವ ದೇವಾಲಯಗಳ ಅಭಿವೃದ್ಧಿಗೆ ಸರ್ಕಾರ ಆದ್ಯತೆ ನೀಡಿದೆ. ಎಲ್ಲಾ ಕಾಮಗಾರಿಗಳನ್ನು ನಿರ್ಮಿತಿ ಕೇಂದ್ರದ ವತಿಯಿಂದ ನಡೆಸಲಾಗುತ್ತದೆ. ದೇವಾಲಯದ ಅಭಿವೃದ್ಧಿ ಸಮಿತಿಗಳು ಸಹಕಾರ ನೀಡಬೇಕು ಎಂದು ಮನವಿ ಮಾಡಿದರು.
ಗ್ರಾಮದೇವತೆ ಹಾಗೂ ಗಂಗಮ್ಮ ದೇವಾಲಯ: ತಲಾ 5 ಲಕ್ಷ ರೂ. ಶ್ರೀ ನಗರೇಶ್ವರ ಸ್ವಾಮಿ ಹಾಗೂ ವೀರಾಂಜನೇಯ ದೇವಾಲಯ: ತಲಾ 3 ಲಕ್ಷ ರೂ.
ವಿಜಯಪುರ,ಫೆ.8-ದೇವನಹಳ್ಳಿ ತಾಲ್ಲೂಕಿನಲ್ಲಿ 139 ದೇವಾಲಯಗಳ ಜೀರ್ಣೋದ್ಧಾರ ಹಾಗೂ ಅಭಿವೃದ್ಧಿಗಾಗಿ ಮುಜರಾಯಿ ಇಲಾಖೆಯಿಂದ 5 ಕೋಟಿ ರೂ. ಅನುದಾನ ಬಿಡುಗಡೆಯಾಗಿದ್ದು, ಈ ಪೈಕಿ ವಿಜಯಪುರ ಪಟ್ಟಣದ ವಿವಿಧ ದೇವಾಲಯಗಳಿಗೆ 19 ಲಕ್ಷ ರೂ.ಗಳನ್ನು ಮೀಸಲಿಡಲಾಗಿದೆ ಎಂದು ಕೆಪಿಸಿಸಿ ಕಾರ್ಯದರ್ಶಿ ವಿ. ಮುನಿರಾಜ್ ತಿಳಿಸಿದರು. ಸಚಿವ ಕೆ.ಹೆಚ್. ಮುನಿಯಪ್ಪನವರ ನಿರ್ದೇಶನದಂತೆ ದೇವಾಲಯಗಳಿಗೆ ಅನುದಾನ ನೀಡಲಾಗಿದೆ. ಶಾಂತಿ ಮತ್ತು ನೆಮ್ಮದಿಯ ಕೇಂದ್ರಗಳಾಗಿರುವ ದೇವಾಲಯಗಳ ಅಭಿವೃದ್ಧಿಗೆ ಸರ್ಕಾರ ಆದ್ಯತೆ ನೀಡಿದೆ. ಎಲ್ಲಾ ಕಾಮಗಾರಿಗಳನ್ನು ನಿರ್ಮಿತಿ ಕೇಂದ್ರದ ವತಿಯಿಂದ ನಡೆಸಲಾಗುತ್ತದೆ. ದೇವಾಲಯದ ಅಭಿವೃದ್ಧಿ ಸಮಿತಿಗಳು ಸಹಕಾರ ನೀಡಬೇಕು ಎಂದು ಮನವಿ ಮಾಡಿದರು.
